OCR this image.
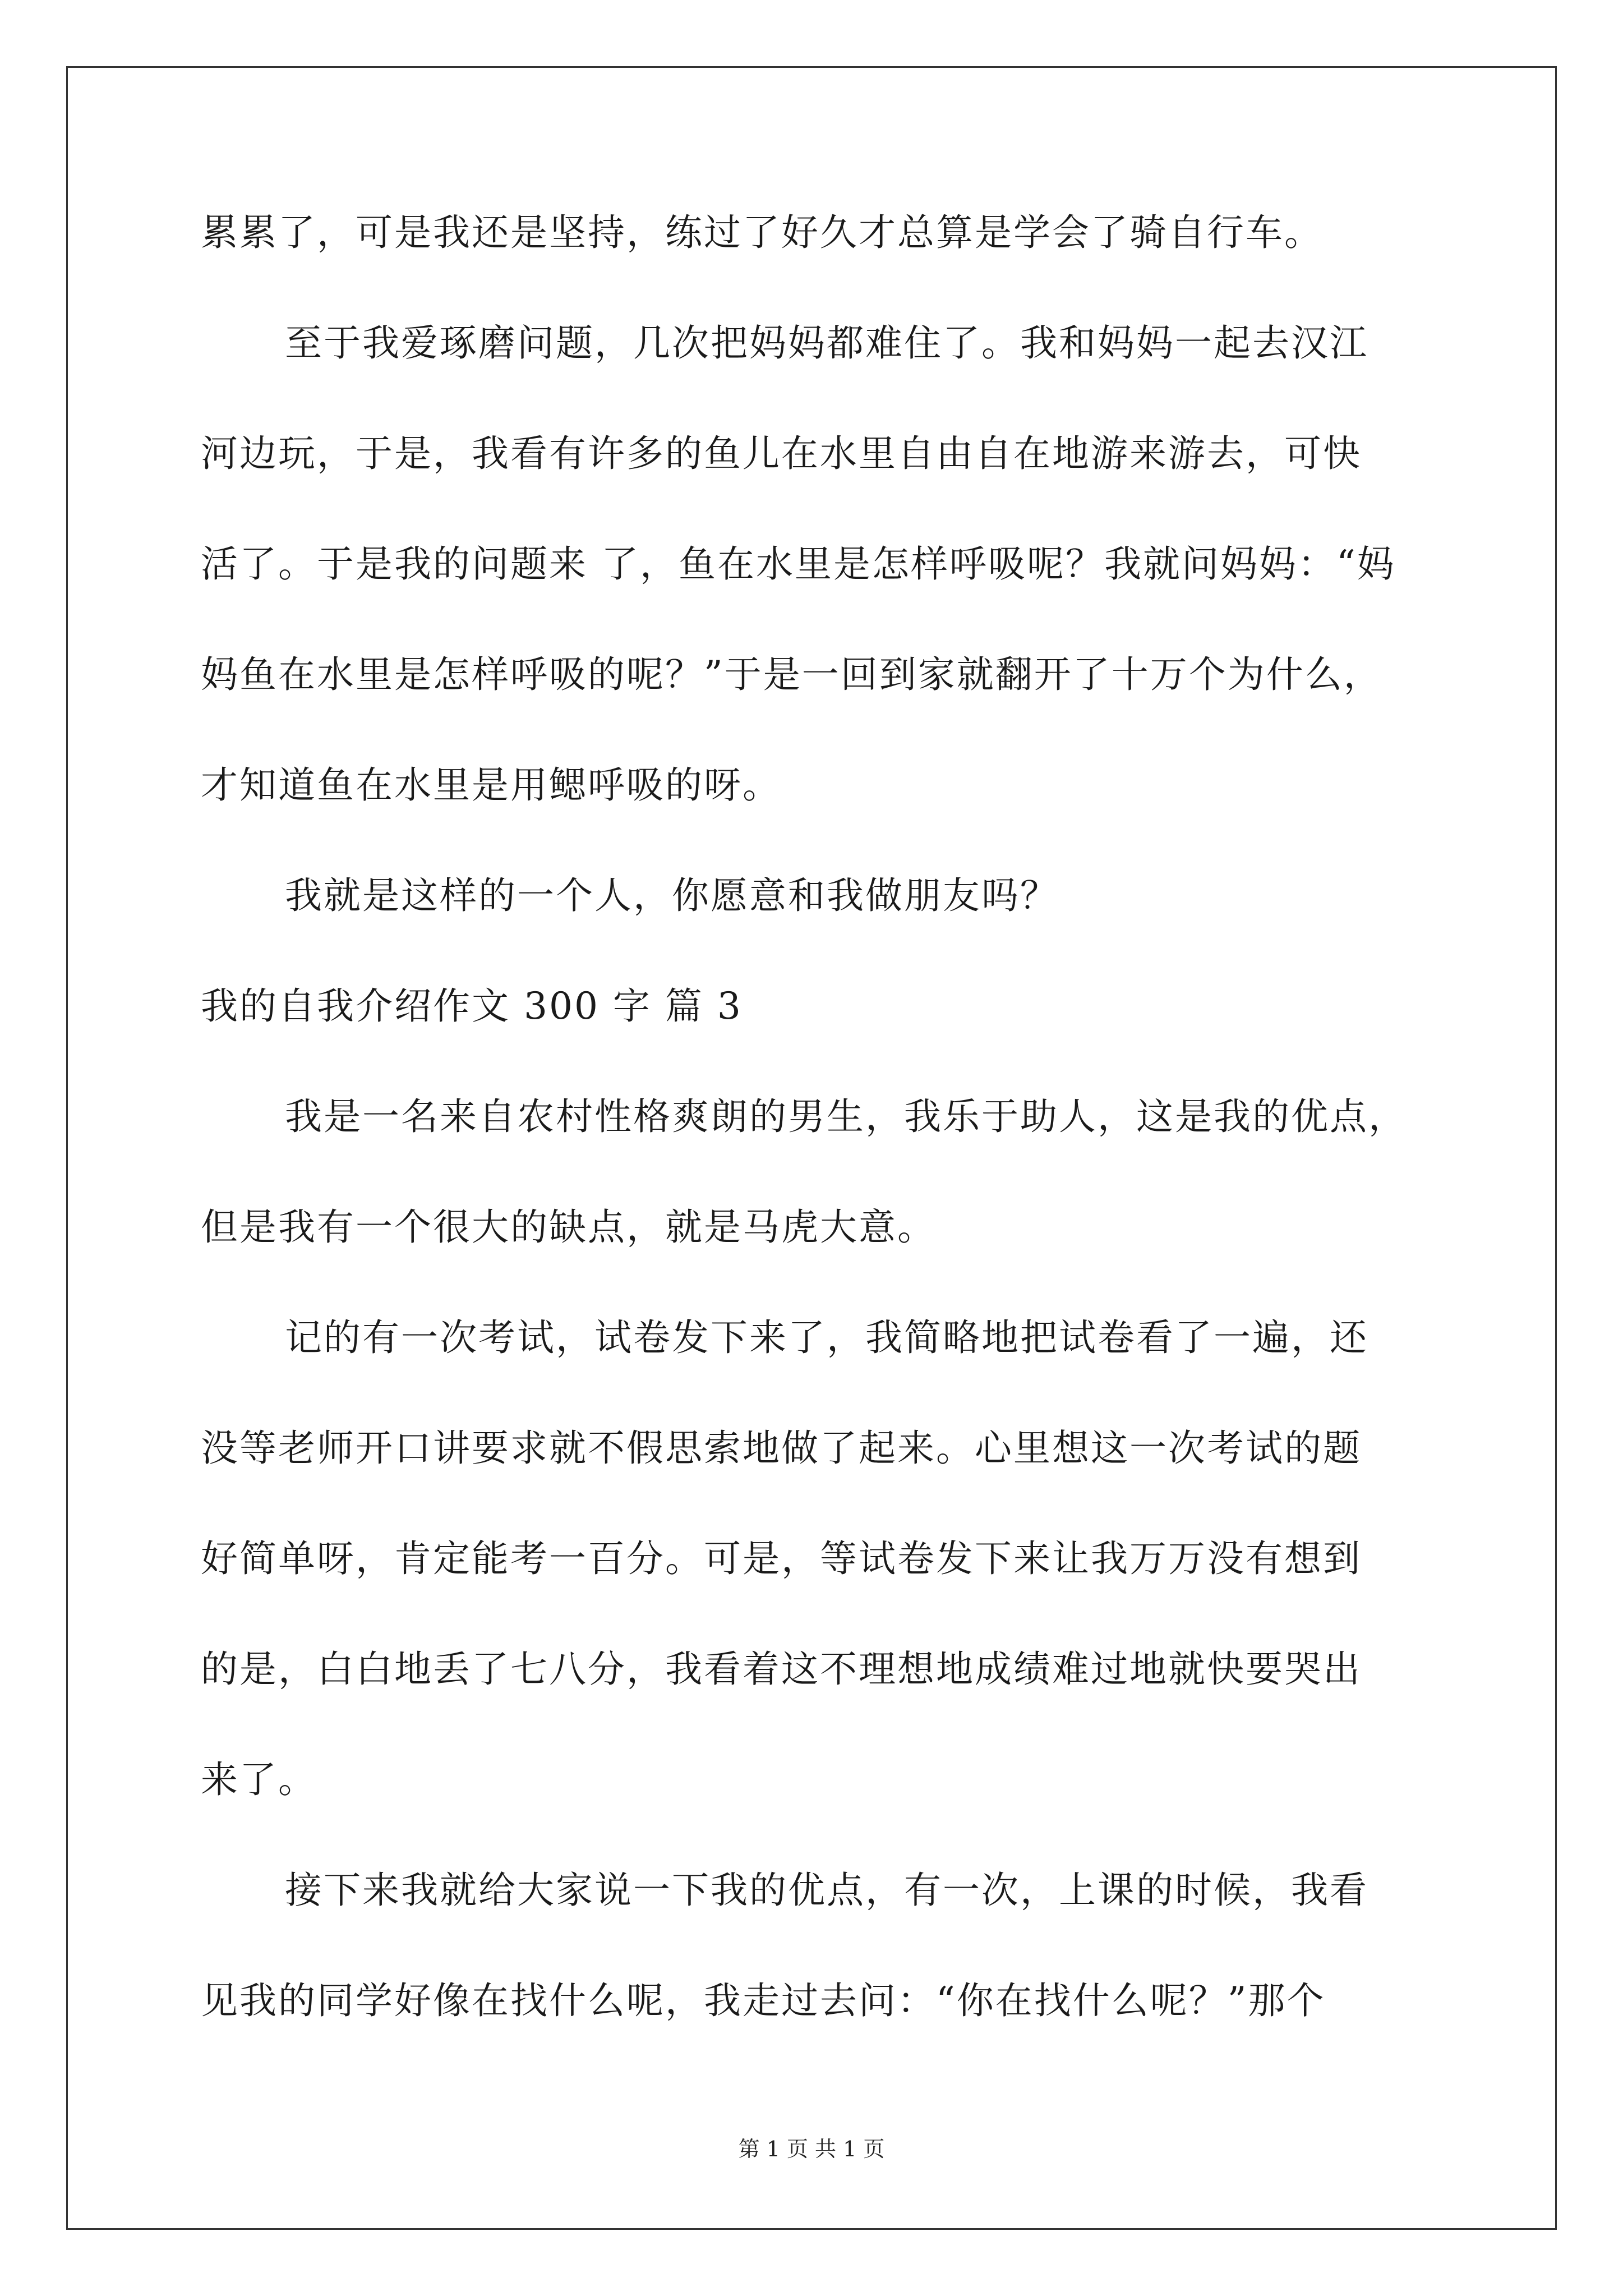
累累了，可是我还是坚持，练过了好久才总算是学会了骑自行车。
至于我爱琢磨问题，几次把妈妈都难住了。我和妈妈一起去汉江
河边玩，于是，我看有许多的鱼儿在水里自由自在地游来游去，可快
活了。于是我的问题来 了，鱼在水里是怎样呼吸呢？我就问妈妈：“妈
妈鱼在水里是怎样呼吸的呢？”于是一回到家就翻开了十万个为什么，
才知道鱼在水里是用鳃呼吸的呀。
我就是这样的一个人，你愿意和我做朋友吗？
我的自我介绍作文 300 字 篇 3
我是一名来自农村性格爽朗的男生，我乐于助人，这是我的优点，
但是我有一个很大的缺点，就是马虎大意。
记的有一次考试，试卷发下来了，我简略地把试卷看了一遍，还
没等老师开口讲要求就不假思索地做了起来。心里想这一次考试的题
好简单呀，肯定能考一百分。可是，等试卷发下来让我万万没有想到
的是，白白地丢了七八分，我看着这不理想地成绩难过地就快要哭出
来了。
接下来我就给大家说一下我的优点，有一次，上课的时候，我看
见我的同学好像在找什么呢，我走过去问：“你在找什么呢？”那个
第 1 页 共 1 页
